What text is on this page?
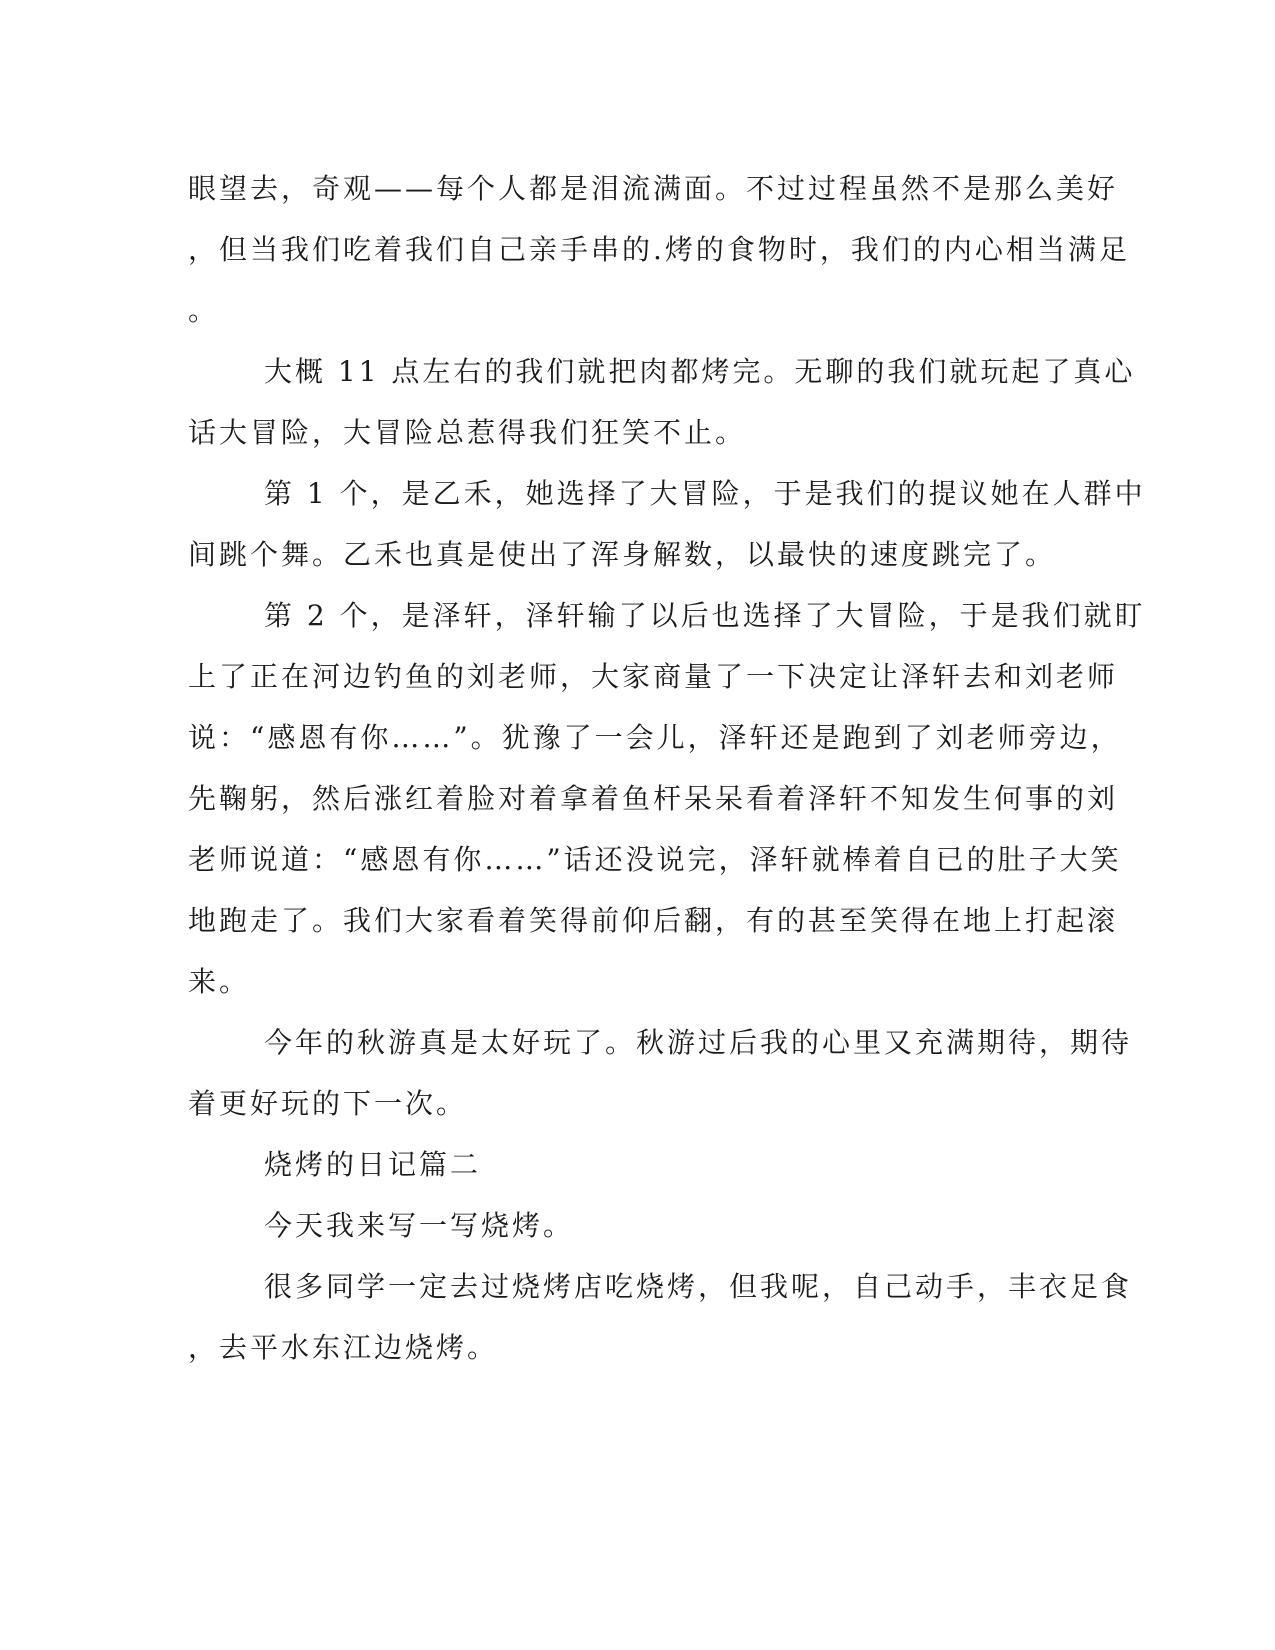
眼望去，奇观——每个人都是泪流满面。不过过程虽然不是那么美好
，但当我们吃着我们自己亲手串的.烤的食物时，我们的内心相当满足
。
大概 11 点左右的我们就把肉都烤完。无聊的我们就玩起了真心
话大冒险，大冒险总惹得我们狂笑不止。
第 1 个，是乙禾，她选择了大冒险，于是我们的提议她在人群中
间跳个舞。乙禾也真是使出了浑身解数，以最快的速度跳完了。
第 2 个，是泽轩，泽轩输了以后也选择了大冒险，于是我们就盯
上了正在河边钓鱼的刘老师，大家商量了一下决定让泽轩去和刘老师
说：“感恩有你……”。犹豫了一会儿，泽轩还是跑到了刘老师旁边，
先鞠躬，然后涨红着脸对着拿着鱼杆呆呆看着泽轩不知发生何事的刘
老师说道：“感恩有你……”话还没说完，泽轩就棒着自已的肚子大笑
地跑走了。我们大家看着笑得前仰后翻，有的甚至笑得在地上打起滚
来。
今年的秋游真是太好玩了。秋游过后我的心里又充满期待，期待
着更好玩的下一次。
烧烤的日记篇二
今天我来写一写烧烤。
很多同学一定去过烧烤店吃烧烤，但我呢，自己动手，丰衣足食
，去平水东江边烧烤。
